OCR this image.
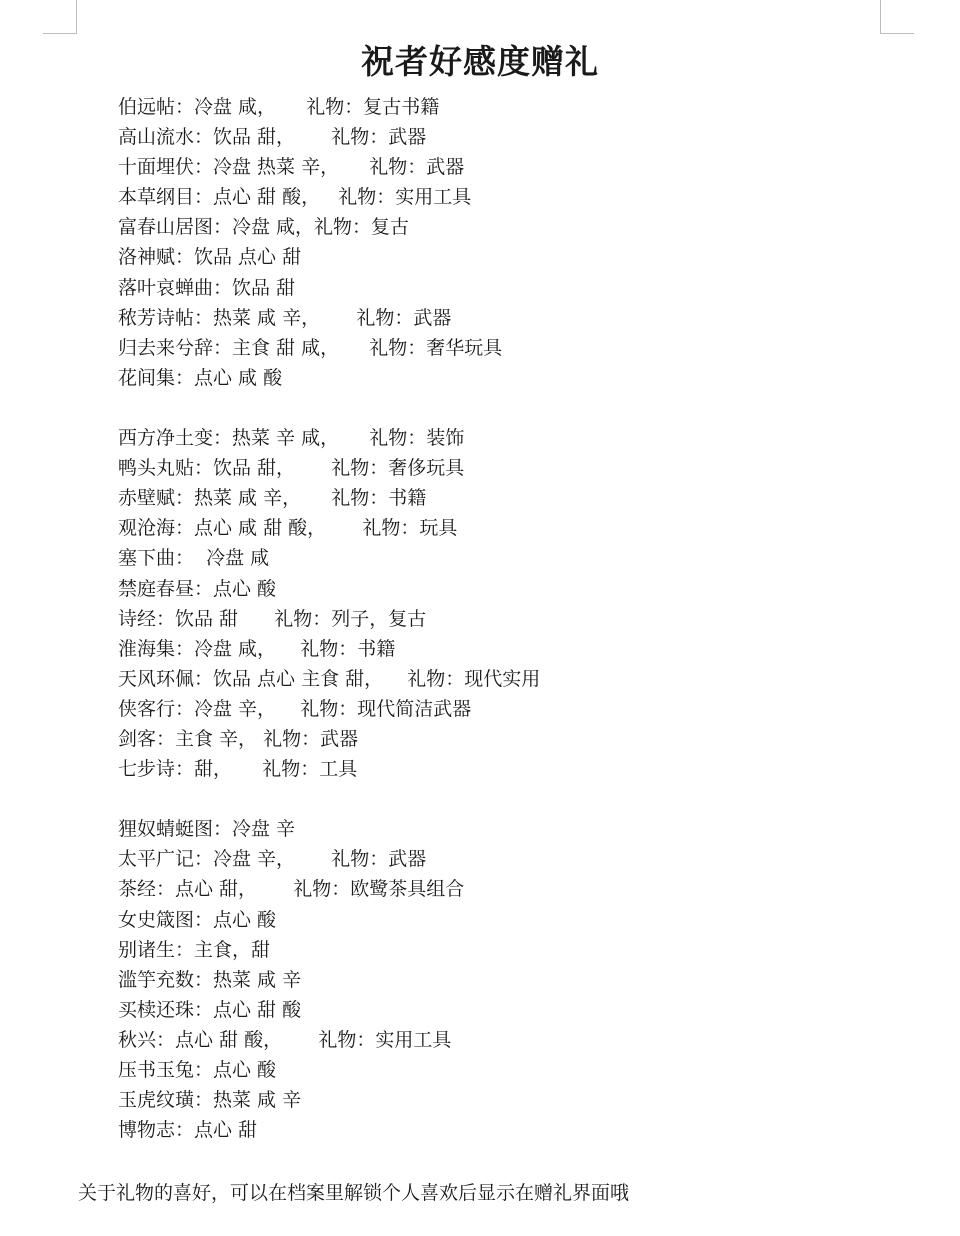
祝者好感度赠礼
伯远帖：冷盘 咸，     礼物：复古书籍
高山流水：饮品 甜，      礼物：武器
十面埋伏：冷盘 热菜 辛，     礼物：武器
本草纲目：点心 甜 酸，   礼物：实用工具
富春山居图：冷盘 咸，礼物：复古
洛神赋：饮品 点心 甜
落叶哀蝉曲：饮品 甜
秾芳诗帖：热菜 咸 辛，      礼物：武器
归去来兮辞：主食 甜 咸，     礼物：奢华玩具
花间集：点心 咸 酸
西方净土变：热菜 辛 咸，     礼物：装饰
鸭头丸贴：饮品 甜，      礼物：奢侈玩具
赤壁赋：热菜 咸 辛，     礼物：书籍
观沧海：点心 咸 甜 酸，      礼物：玩具
塞下曲：  冷盘 咸
禁庭春昼：点心 酸
诗经：饮品 甜      礼物：列子，复古
淮海集：冷盘 咸，    礼物：书籍
天风环佩：饮品 点心 主食 甜，    礼物：现代实用
侠客行：冷盘 辛，    礼物：现代简洁武器
剑客：主食 辛， 礼物：武器
七步诗：甜，     礼物：工具
狸奴蜻蜓图：冷盘 辛
太平广记：冷盘 辛，      礼物：武器
茶经：点心 甜，      礼物：欧鹭茶具组合
女史箴图：点心 酸
别诸生：主食，甜
滥竽充数：热菜 咸 辛
买椟还珠：点心 甜 酸
秋兴：点心 甜 酸，      礼物：实用工具
压书玉兔：点心 酸
玉虎纹璜：热菜 咸 辛
博物志：点心 甜
关于礼物的喜好，可以在档案里解锁个人喜欢后显示在赠礼界面哦
